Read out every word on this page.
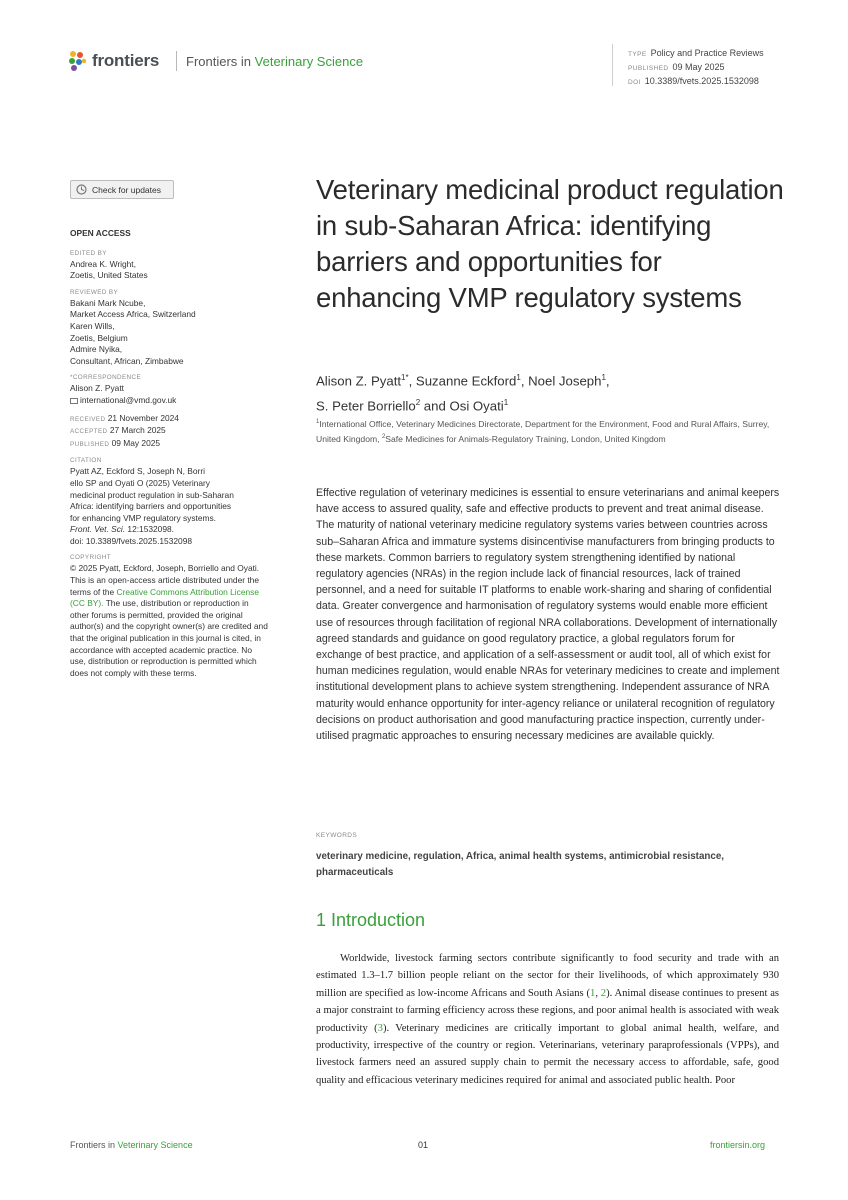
frontiers Frontiers in Veterinary Science	TYPE Policy and Practice Reviews
PUBLISHED 09 May 2025
DOI 10.3389/fvets.2025.1532098
Check for updates
OPEN ACCESS
EDITED BY
Andrea K. Wright,
Zoetis, United States
REVIEWED BY
Bakani Mark Ncube,
Market Access Africa, Switzerland
Karen Wills,
Zoetis, Belgium
Admire Nyika,
Consultant, African, Zimbabwe
*CORRESPONDENCE
Alison Z. Pyatt
international@vmd.gov.uk
RECEIVED 21 November 2024
ACCEPTED 27 March 2025
PUBLISHED 09 May 2025
CITATION
Pyatt AZ, Eckford S, Joseph N, Borri
ello SP and Oyati O (2025) Veterinary
medicinal product regulation in sub-Saharan
Africa: identifying barriers and opportunities
for enhancing VMP regulatory systems.
Front. Vet. Sci. 12:1532098.
doi: 10.3389/fvets.2025.1532098
COPYRIGHT
© 2025 Pyatt, Eckford, Joseph, Borriello and Oyati. This is an open-access article distributed under the terms of the Creative Commons Attribution License (CC BY). The use, distribution or reproduction in other forums is permitted, provided the original author(s) and the copyright owner(s) are credited and that the original publication in this journal is cited, in accordance with accepted academic practice. No use, distribution or reproduction is permitted which does not comply with these terms.
Veterinary medicinal product regulation in sub-Saharan Africa: identifying barriers and opportunities for enhancing VMP regulatory systems
Alison Z. Pyatt$^{1*}$, Suzanne Eckford$^1$, Noel Joseph$^1$,
S. Peter Borriello$^2$ and Osi Oyati$^1$
$^1$International Office, Veterinary Medicines Directorate, Department for the Environment, Food and Rural Affairs, Surrey, United Kingdom, $^2$Safe Medicines for Animals-Regulatory Training, London, United Kingdom

Effective regulation of veterinary medicines is essential to ensure veterinarians and animal keepers have access to assured quality, safe and effective products to prevent and treat animal disease. The maturity of national veterinary medicine regulatory systems varies between countries across sub–Saharan Africa and immature systems disincentivise manufacturers from bringing products to these markets. Common barriers to regulatory system strengthening identified by national regulatory agencies (NRAs) in the region include lack of financial resources, lack of trained personnel, and a need for suitable IT platforms to enable work-sharing and sharing of confidential data. Greater convergence and harmonisation of regulatory systems would enable more efficient use of resources through facilitation of regional NRA collaborations. Development of internationally agreed standards and guidance on good regulatory practice, a global regulators forum for exchange of best practice, and application of a self-assessment or audit tool, all of which exist for human medicines regulation, would enable NRAs for veterinary medicines to create and implement institutional development plans to achieve system strengthening. Independent assurance of NRA maturity would enhance opportunity for inter-agency reliance or unilateral recognition of regulatory decisions on product authorisation and good manufacturing practice inspection, currently under-utilised pragmatic approaches to ensuring necessary medicines are available quickly.

KEYWORDS
veterinary medicine, regulation, Africa, animal health systems, antimicrobial resistance, pharmaceuticals
1 Introduction

Worldwide, livestock farming sectors contribute significantly to food security and trade with an estimated 1.3–1.7 billion people reliant on the sector for their livelihoods, of which approximately 930 million are specified as low-income Africans and South Asians (1, 2). Animal disease continues to present as a major constraint to farming efficiency across these regions, and poor animal health is associated with weak productivity (3). Veterinary medicines are critically important to global animal health, welfare, and productivity, irrespective of the country or region. Veterinarians, veterinary paraprofessionals (VPPs), and livestock farmers need an assured supply chain to permit the necessary access to affordable, safe, good quality and efficacious veterinary medicines required for animal and associated public health. Poor

Frontiers in Veterinary Science	01	frontiersin.org
